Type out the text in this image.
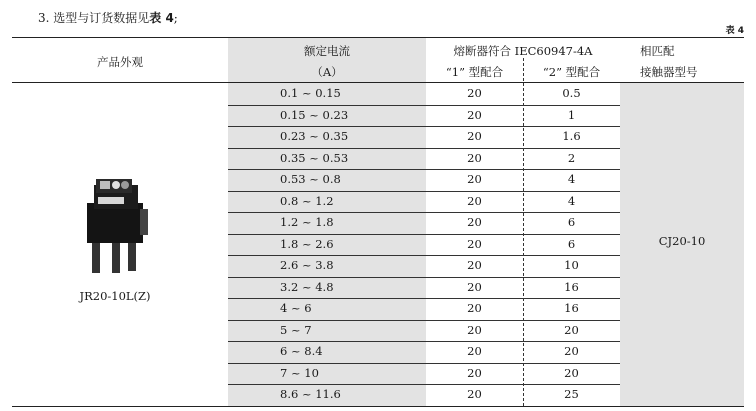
3. 选型与订货数据见表 4;
表 4
产品外观
额定电流
（A）
熔断器符合 IEC60947-4A
“1” 型配合	“2” 型配合
相匹配
接触器型号
0.1 ~ 0.15	20	0.5
0.15 ~ 0.23	20	1
0.23 ~ 0.35	20	1.6
0.35 ~ 0.53	20	2
0.53 ~ 0.8	20	4
0.8 ~ 1.2	20	4
1.2 ~ 1.8	20	6
1.8 ~ 2.6	20	6
2.6 ~ 3.8	20	10
3.2 ~ 4.8	20	16
4 ~ 6	20	16
5 ~ 7	20	20
6 ~ 8.4	20	20
7 ~ 10	20	20
8.6 ~ 11.6	20	25
JR20-10L(Z)
CJ20-10
